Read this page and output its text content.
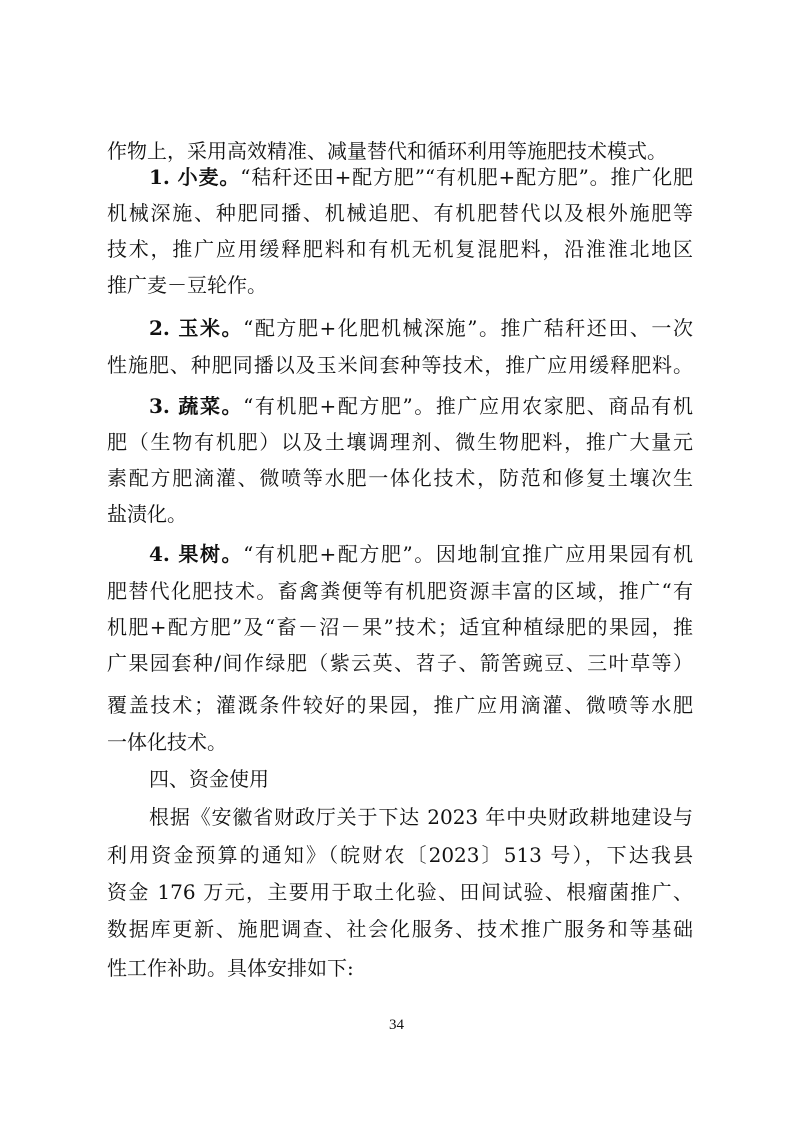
作物上，采用高效精准、减量替代和循环利用等施肥技术模式。
1. 小麦。“秸秆还田+配方肥”“有机肥+配方肥”。推广化肥
机械深施、种肥同播、机械追肥、有机肥替代以及根外施肥等
技术，推广应用缓释肥料和有机无机复混肥料，沿淮淮北地区
推广麦－豆轮作。
2. 玉米。“配方肥+化肥机械深施”。推广秸秆还田、一次
性施肥、种肥同播以及玉米间套种等技术，推广应用缓释肥料。
3. 蔬菜。“有机肥+配方肥”。推广应用农家肥、商品有机
肥（生物有机肥）以及土壤调理剂、微生物肥料，推广大量元
素配方肥滴灌、微喷等水肥一体化技术，防范和修复土壤次生
盐渍化。
4. 果树。“有机肥+配方肥”。因地制宜推广应用果园有机
肥替代化肥技术。畜禽粪便等有机肥资源丰富的区域，推广“有
机肥+配方肥”及“畜－沼－果”技术；适宜种植绿肥的果园，推
广果园套种/间作绿肥（紫云英、苕子、箭筈豌豆、三叶草等）
覆盖技术；灌溉条件较好的果园，推广应用滴灌、微喷等水肥
一体化技术。
四、资金使用
根据《安徽省财政厅关于下达 2023 年中央财政耕地建设与
利用资金预算的通知》（皖财农〔2023〕513 号），下达我县
资金 176 万元，主要用于取土化验、田间试验、根瘤菌推广、
数据库更新、施肥调查、社会化服务、技术推广服务和等基础
性工作补助。具体安排如下:
34
